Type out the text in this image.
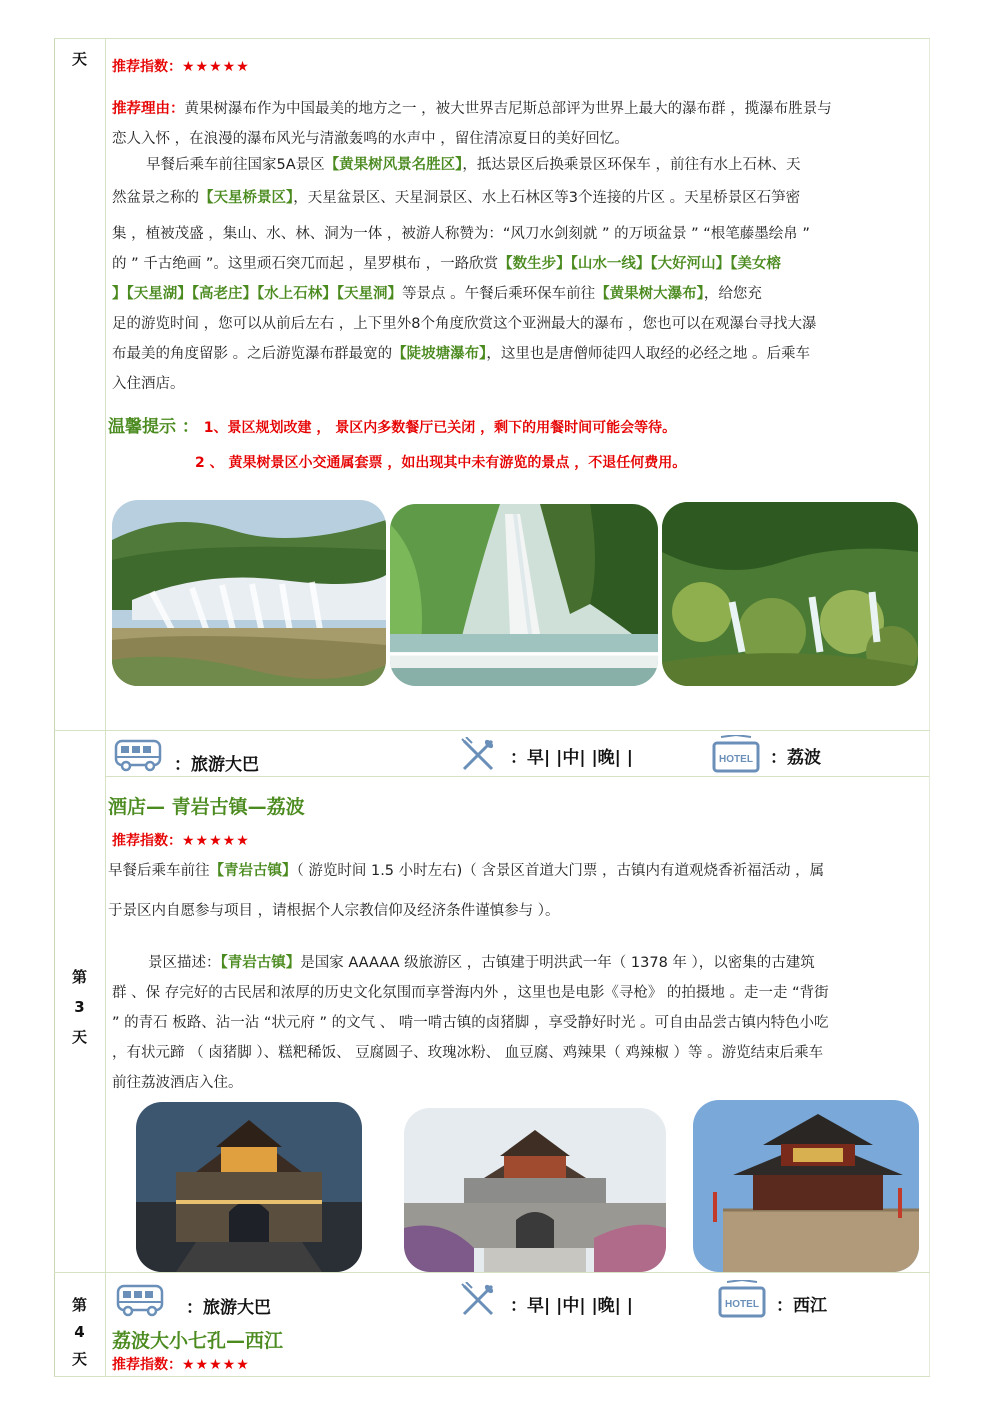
天	推荐指数：★★★★★
推荐理由：黄果树瀑布作为中国最美的地方之一 ，被大世界吉尼斯总部评为世界上最大的瀑布群 ，揽瀑布胜景与
恋人入怀 ，在浪漫的瀑布风光与清澈轰鸣的水声中 ，留住清凉夏日的美好回忆。
早餐后乘车前往国家5A景区【黄果树风景名胜区】，抵达景区后换乘景区环保车 ，前往有水上石林、天
然盆景之称的【天星桥景区】，天星盆景区、天星洞景区、水上石林区等3个连接的片区 。天星桥景区石笋密
集 ，植被茂盛 ，集山、水、林、洞为一体 ，被游人称赞为：“风刀水剑刻就 ” 的万顷盆景 ” “根笔藤墨绘帛 ”
的 ” 千古绝画 ”。这里顽石突兀而起 ，星罗棋布 ，一路欣赏【数生步】【山水一线】【大好河山】【美女榕
】【天星湖】【高老庄】【水上石林】【天星洞】等景点 。午餐后乘环保车前往【黄果树大瀑布】，给您充
足的游览时间 ，您可以从前后左右 ，上下里外8个角度欣赏这个亚洲最大的瀑布 ，您也可以在观瀑台寻找大瀑
布最美的角度留影 。之后游览瀑布群最宽的【陡坡塘瀑布】，这里也是唐僧师徒四人取经的必经之地 。后乘车
入住酒店。
温馨提示 ： 1、景区规划改建 ， 景区内多数餐厅已关闭 ，剩下的用餐时间可能会等待。
2 、 黄果树景区小交通属套票 ，如出现其中未有游览的景点 ，不退任何费用。
：旅游大巴	：早| |中| |晚| |	HOTEL ：荔波
第
3
天
酒店— 青岩古镇—荔波
推荐指数：★★★★★
早餐后乘车前往【青岩古镇】（ 游览时间 1.5 小时左右)（ 含景区首道大门票 ，古镇内有道观烧香祈福活动 ，属
于景区内自愿参与项目 ，请根据个人宗教信仰及经济条件谨慎参与 ）。
景区描述：【青岩古镇】是国家 AAAAA 级旅游区 ，古镇建于明洪武一年（ 1378 年 ），以密集的古建筑
群 、保 存完好的古民居和浓厚的历史文化氛围而享誉海内外 ，这里也是电影《寻枪》 的拍摄地 。走一走 “背街
” 的青石 板路、沾一沾 “状元府 ” 的文气 、 啃一啃古镇的卤猪脚 ，享受静好时光 。可自由品尝古镇内特色小吃
，有状元蹄 （ 卤猪脚 ）、糕粑稀饭、 豆腐圆子、玫瑰冰粉、 血豆腐、鸡辣果（ 鸡辣椒 ）等 。游览结束后乘车
前往荔波酒店入住。
：旅游大巴	：早| |中| |晚| |	HOTEL ：西江
第
4
天
荔波大小七孔—西江
推荐指数：★★★★★
